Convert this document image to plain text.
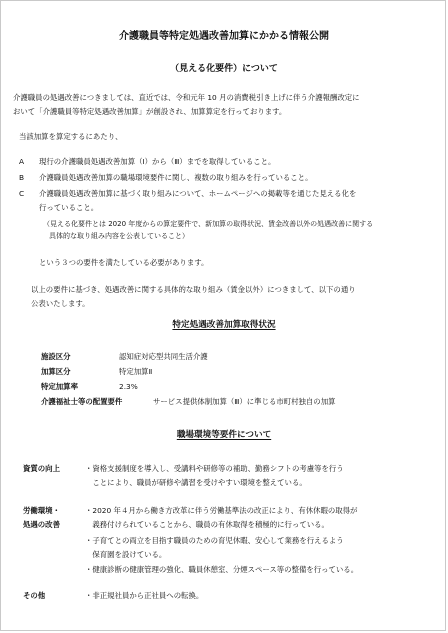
介護職員等特定処遇改善加算にかかる情報公開
（見える化要件）について
介護職員の処遇改善につきましては、直近では、令和元年 10 月の消費税引き上げに伴う介護報酬改定に
おいて「介護職員等特定処遇改善加算」が創設され、加算算定を行っております。
当該加算を算定するにあたり、
A 現行の介護職員処遇改善加算（Ⅰ）から（Ⅲ）までを取得していること。
B 介護職員処遇改善加算の職場環境要件に関し、複数の取り組みを行っていること。
C 介護職員処遇改善加算に基づく取り組みについて、ホームページへの掲載等を通じた見える化を
行っていること。
（見える化要件とは 2020 年度からの算定要件で、新加算の取得状況、賃金改善以外の処遇改善に関する
具体的な取り組み内容を公表していること）
という３つの要件を満たしている必要があります。
以上の要件に基づき、処遇改善に関する具体的な取り組み（賃金以外）につきまして、以下の通り
公表いたします。
特定処遇改善加算取得状況
施設区分	認知症対応型共同生活介護
加算区分	特定加算Ⅱ
特定加算率	2.3%
介護福祉士等の配置要件	サービス提供体制加算（Ⅲ）に準じる市町村独自の加算
職場環境等要件について
資質の向上	・資格支援制度を導入し、受講料や研修等の補助、勤務シフトの考慮等を行う
　ことにより、職員が研修や講習を受けやすい環境を整えている。
労働環境・
処遇の改善
・2020 年４月から働き方改革に伴う労働基準法の改正により、有休休暇の取得が
　義務付けられていることから、職員の有休取得を積極的に行っている。
・子育てとの両立を目指す職員のための育児休暇、安心して業務を行えるよう
　保育園を設けている。
・健康診断の健康管理の強化、職員休憩室、分煙スペース等の整備を行っている。
その他	・非正規社員から正社員への転換。
